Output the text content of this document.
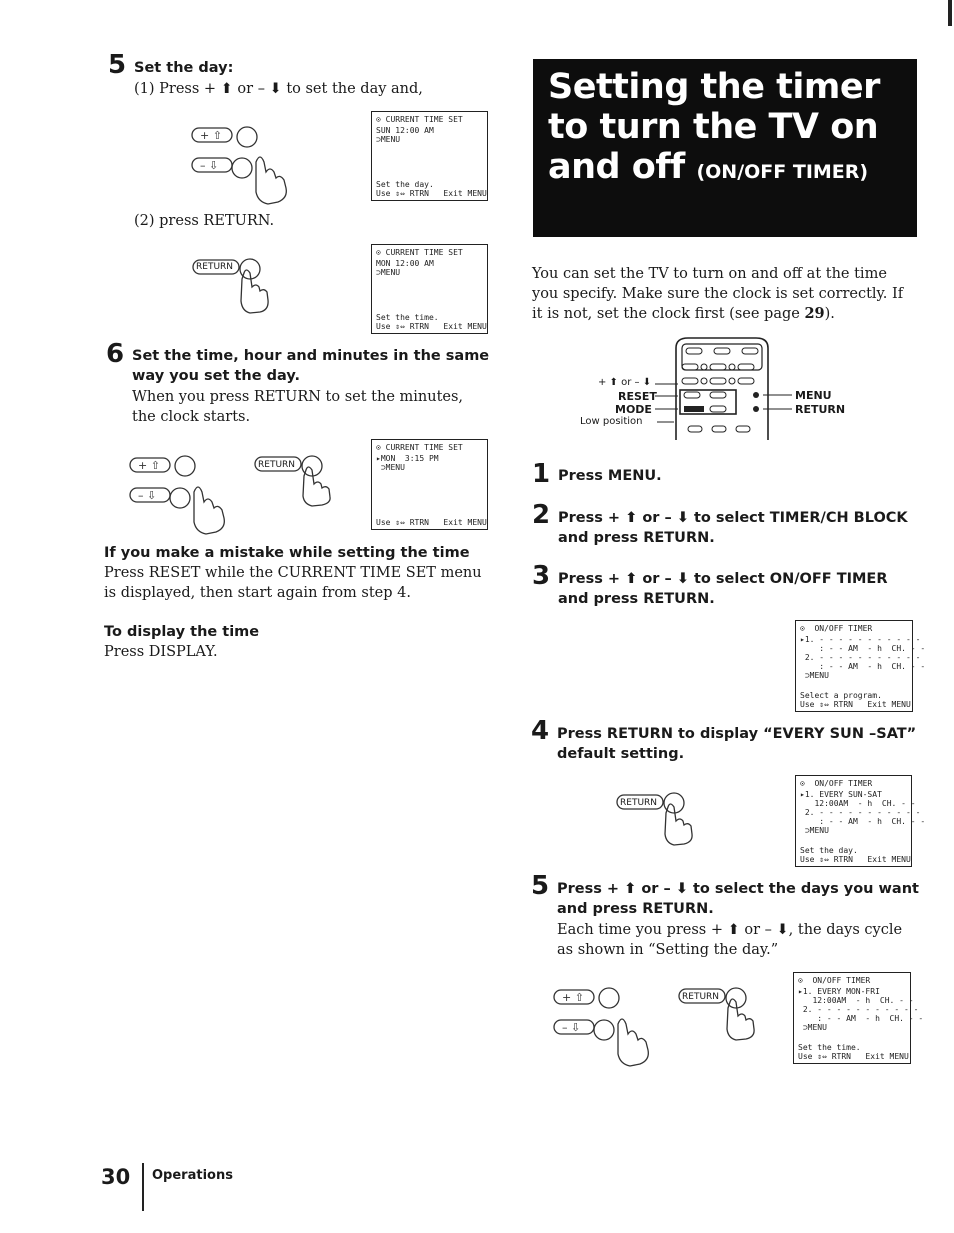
5 Set the day:
(1) Press + ⬆ or – ⬇ to set the day and,
+ ⇧
– ⇩
⊙ CURRENT TIME SET
SUN 12:00 AM
⊃MENU
Set the day.
Use ⇕⇔ RTRN   Exit MENU
(2) press RETURN.
RETURN
⊙ CURRENT TIME SET
MON 12:00 AM
⊃MENU
Set the time.
Use ⇕⇔ RTRN   Exit MENU
6 Set the time, hour and minutes in the same way you set the day.
When you press RETURN to set the minutes, the clock starts.
+ ⇧
– ⇩
RETURN
⊙ CURRENT TIME SET
▸MON  3:15 PM
⊃MENU
Use ⇕⇔ RTRN   Exit MENU
If you make a mistake while setting the time
Press RESET while the CURRENT TIME SET menu is displayed, then start again from step 4.
To display the time
Press DISPLAY.
Setting the timer to turn the TV on and off (ON/OFF TIMER)
You can set the TV to turn on and off at the time you specify. Make sure the clock is set correctly. If it is not, set the clock first (see page 29).
+ ⬆ or – ⬇
RESET
MODE
Low position
MENU
RETURN
1 Press MENU.
2 Press + ⬆ or – ⬇ to select TIMER/CH BLOCK and press RETURN.
3 Press + ⬆ or – ⬇ to select ON/OFF TIMER and press RETURN.
⊙  ON/OFF TIMER
▸1. - - - - - - - - - - -
: - - AM  - h  CH. - -
2. - - - - - - - - - - -
: - - AM  - h  CH. - -
⊃MENU
Select a program.
Use ⇕⇔ RTRN   Exit MENU
4 Press RETURN to display “EVERY SUN –SAT” default setting.
RETURN
⊙  ON/OFF TIMER
▸1. EVERY SUN-SAT
12:00AM  - h  CH. - -
2. - - - - - - - - - - -
: - - AM  - h  CH. - -
⊃MENU
Set the day.
Use ⇕⇔ RTRN   Exit MENU
5 Press + ⬆ or – ⬇ to select the days you want and press RETURN.
Each time you press + ⬆ or – ⬇, the days cycle as shown in “Setting the day.”
+ ⇧
– ⇩
RETURN
⊙  ON/OFF TIMER
▸1. EVERY MON-FRI
12:00AM  - h  CH. - -
2. - - - - - - - - - - -
: - - AM  - h  CH. - -
⊃MENU
Set the time.
Use ⇕⇔ RTRN   Exit MENU
30 Operations
